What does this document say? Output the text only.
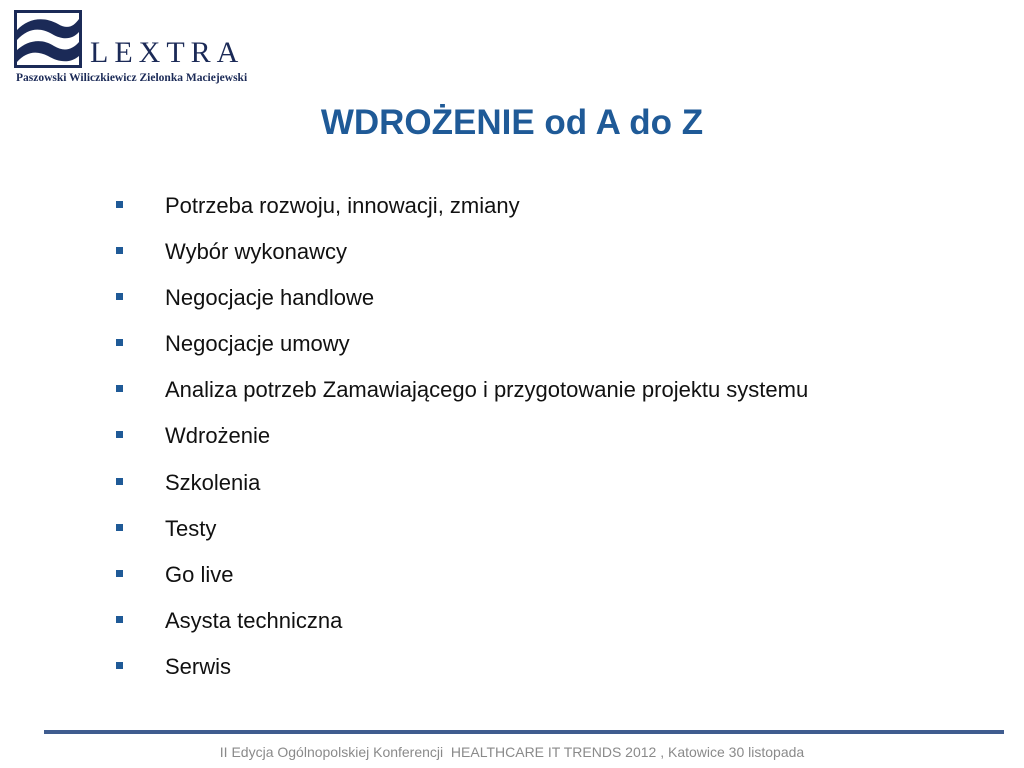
LEXTRA
Paszowski Wiliczkiewicz Zielonka Maciejewski
WDROŻENIE od A do Z
Potrzeba rozwoju, innowacji, zmiany
Wybór wykonawcy
Negocjacje handlowe
Negocjacje umowy
Analiza potrzeb Zamawiającego i przygotowanie projektu systemu
Wdrożenie
Szkolenia
Testy
Go live
Asysta techniczna
Serwis
II Edycja Ogólnopolskiej Konferencji  HEALTHCARE IT TRENDS 2012 , Katowice 30 listopada
